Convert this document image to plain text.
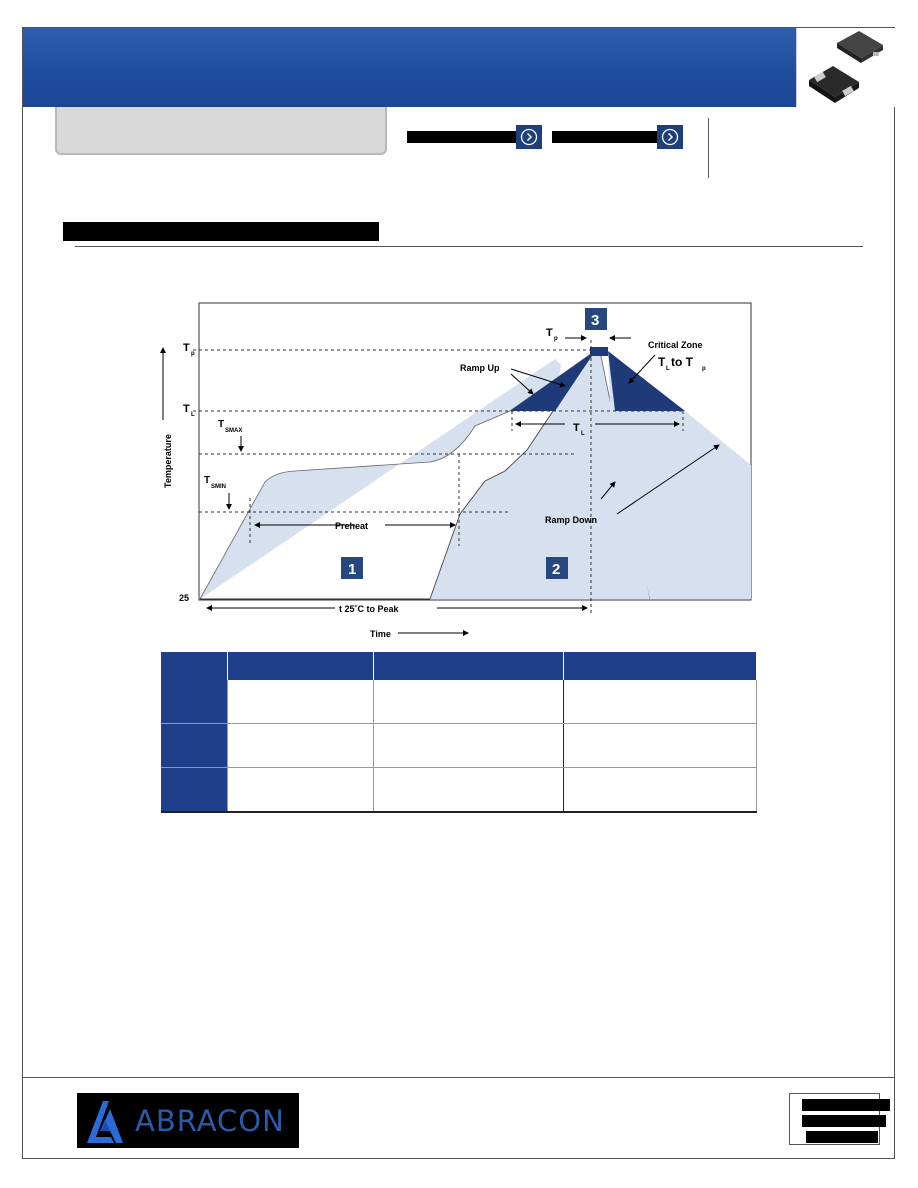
Temperature
T p
T L
T
SMAX
T
SMIN
25
Preheat
T L
T p
Critical Zone
T L to T p
Ramp Up
Ramp Down
1	2
3
t 25˚C to Peak
Time

ABRACON
